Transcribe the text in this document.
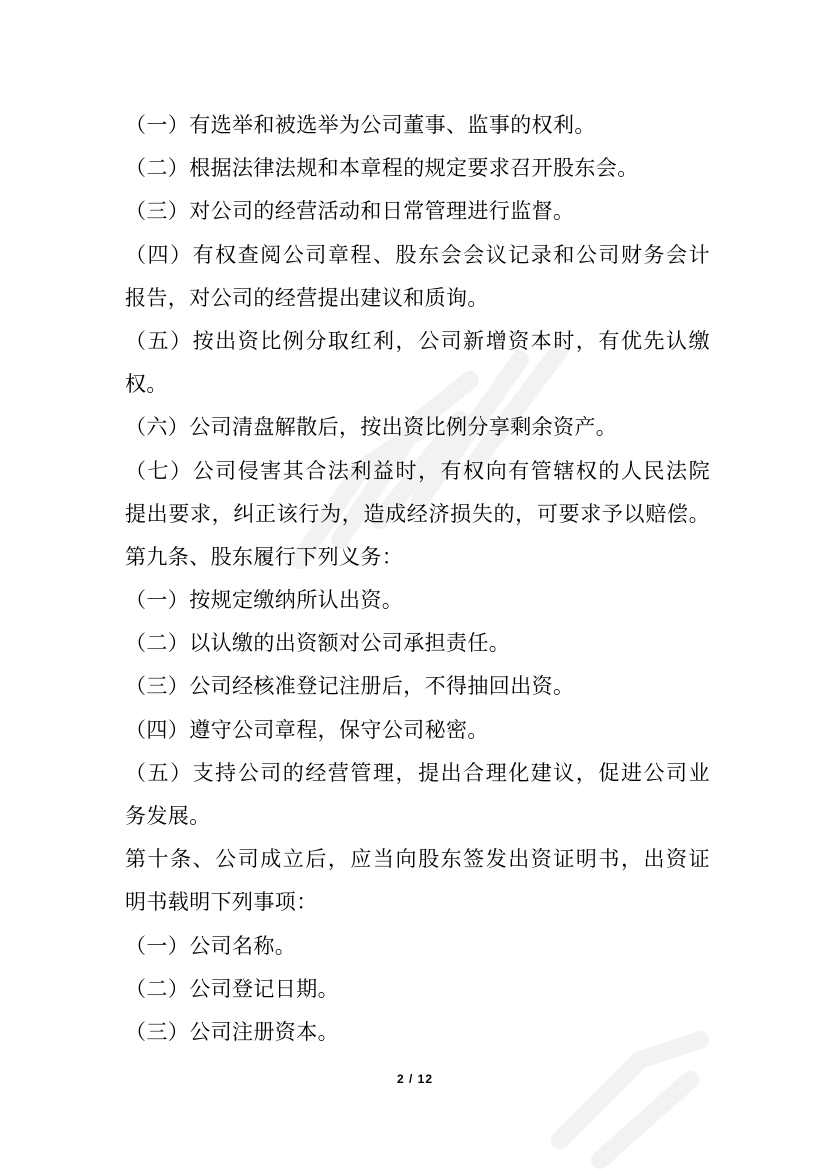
（一）有选举和被选举为公司董事、监事的权利。
（二）根据法律法规和本章程的规定要求召开股东会。
（三）对公司的经营活动和日常管理进行监督。
（四）有权查阅公司章程、股东会会议记录和公司财务会计
报告，对公司的经营提出建议和质询。
（五）按出资比例分取红利，公司新增资本时，有优先认缴
权。
（六）公司清盘解散后，按出资比例分享剩余资产。
（七）公司侵害其合法利益时，有权向有管辖权的人民法院
提出要求，纠正该行为，造成经济损失的，可要求予以赔偿。
第九条、股东履行下列义务：
（一）按规定缴纳所认出资。
（二）以认缴的出资额对公司承担责任。
（三）公司经核准登记注册后，不得抽回出资。
（四）遵守公司章程，保守公司秘密。
（五）支持公司的经营管理，提出合理化建议，促进公司业
务发展。
第十条、公司成立后，应当向股东签发出资证明书，出资证
明书载明下列事项：
（一）公司名称。
（二）公司登记日期。
（三）公司注册资本。
2 / 12
